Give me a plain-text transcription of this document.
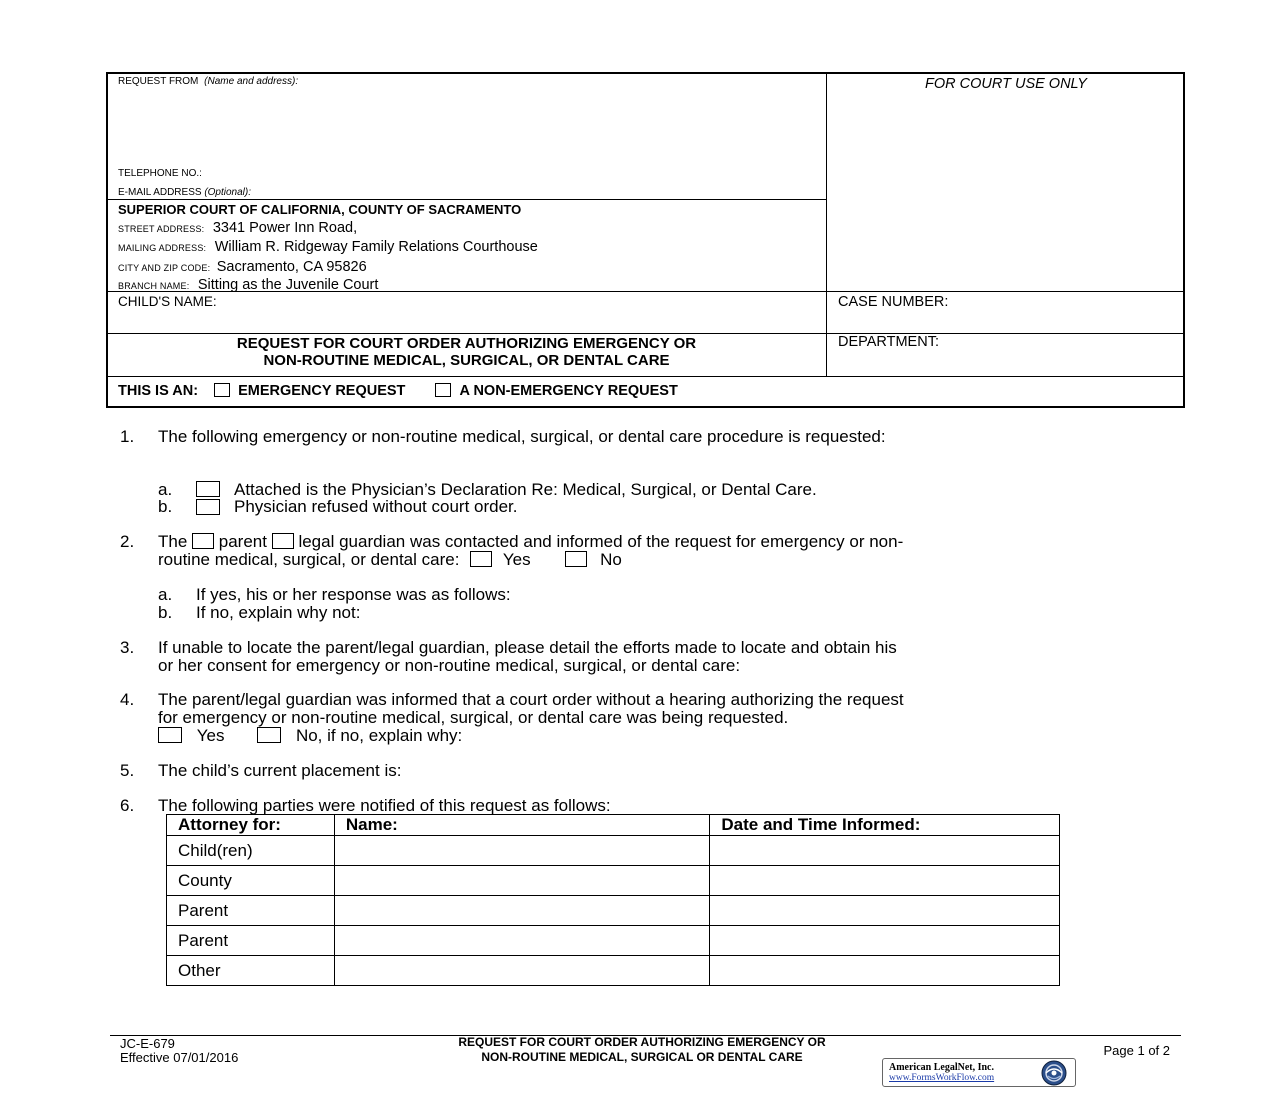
REQUEST FROM (Name and address):
TELEPHONE NO.:
E-MAIL ADDRESS (Optional):
FOR COURT USE ONLY
SUPERIOR COURT OF CALIFORNIA, COUNTY OF SACRAMENTO
STREET ADDRESS: 3341 Power Inn Road,
MAILING ADDRESS: William R. Ridgeway Family Relations Courthouse
CITY AND ZIP CODE: Sacramento, CA 95826
BRANCH NAME: Sitting as the Juvenile Court
CHILD'S NAME:	CASE NUMBER:
REQUEST FOR COURT ORDER AUTHORIZING EMERGENCY OR
NON-ROUTINE MEDICAL, SURGICAL, OR DENTAL CARE
DEPARTMENT:
THIS IS AN:	EMERGENCY REQUEST	A NON-EMERGENCY REQUEST
1. The following emergency or non-routine medical, surgical, or dental care procedure is requested:
a.	Attached is the Physician’s Declaration Re: Medical, Surgical, or Dental Care.
b.	Physician refused without court order.
2. The parent legal guardian was contacted and informed of the request for emergency or non-
routine medical, surgical, or dental care:	Yes	No
a. If yes, his or her response was as follows:
b. If no, explain why not:
3. If unable to locate the parent/legal guardian, please detail the efforts made to locate and obtain his
or her consent for emergency or non-routine medical, surgical, or dental care:
4. The parent/legal guardian was informed that a court order without a hearing authorizing the request
for emergency or non-routine medical, surgical, or dental care was being requested.
Yes	No, if no, explain why:
5. The child’s current placement is:
6. The following parties were notified of this request as follows:
Attorney for:	Name:	Date and Time Informed:
Child(ren)		
County		
Parent		
Parent		
Other		
JC-E-679
Effective 07/01/2016
REQUEST FOR COURT ORDER AUTHORIZING EMERGENCY OR
NON-ROUTINE MEDICAL, SURGICAL OR DENTAL CARE	Page 1 of 2
American LegalNet, Inc.
www.FormsWorkFlow.com
